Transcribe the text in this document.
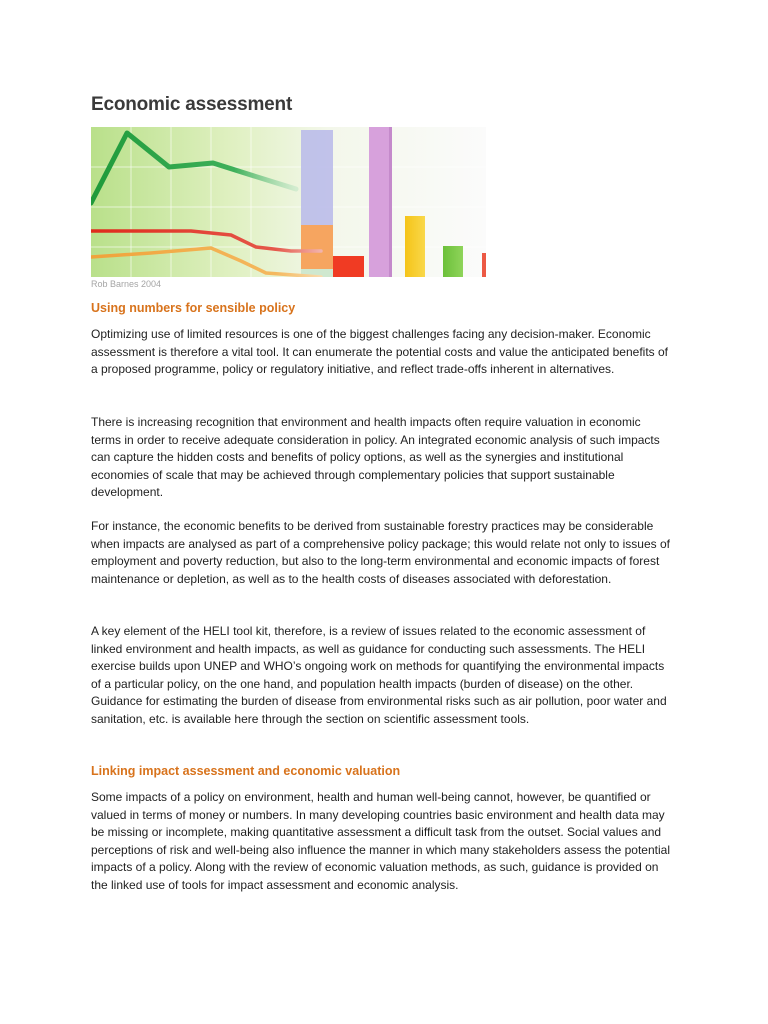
Economic assessment
Rob Barnes 2004
Using numbers for sensible policy

Optimizing use of limited resources is one of the biggest challenges facing any decision-maker. Economic assessment is therefore a vital tool. It can enumerate the potential costs and value the anticipated benefits of a proposed programme, policy or regulatory initiative, and reflect trade-offs inherent in alternatives.

There is increasing recognition that environment and health impacts often require valuation in economic terms in order to receive adequate consideration in policy. An integrated economic analysis of such impacts can capture the hidden costs and benefits of policy options, as well as the synergies and institutional economies of scale that may be achieved through complementary policies that support sustainable development.

For instance, the economic benefits to be derived from sustainable forestry practices may be considerable when impacts are analysed as part of a comprehensive policy package; this would relate not only to issues of employment and poverty reduction, but also to the long-term environmental and economic impacts of forest maintenance or depletion, as well as to the health costs of diseases associated with deforestation.

A key element of the HELI tool kit, therefore, is a review of issues related to the economic assessment of linked environment and health impacts, as well as guidance for conducting such assessments. The HELI exercise builds upon UNEP and WHO’s ongoing work on methods for quantifying the environmental impacts of a particular policy, on the one hand, and population health impacts (burden of disease) on the other. Guidance for estimating the burden of disease from environmental risks such as air pollution, poor water and sanitation, etc. is available here through the section on scientific assessment tools.

Linking impact assessment and economic valuation

Some impacts of a policy on environment, health and human well-being cannot, however, be quantified or valued in terms of money or numbers. In many developing countries basic environment and health data may be missing or incomplete, making quantitative assessment a difficult task from the outset. Social values and perceptions of risk and well-being also influence the manner in which many stakeholders assess the potential impacts of a policy. Along with the review of economic valuation methods, as such, guidance is provided on the linked use of tools for impact assessment and economic analysis.
